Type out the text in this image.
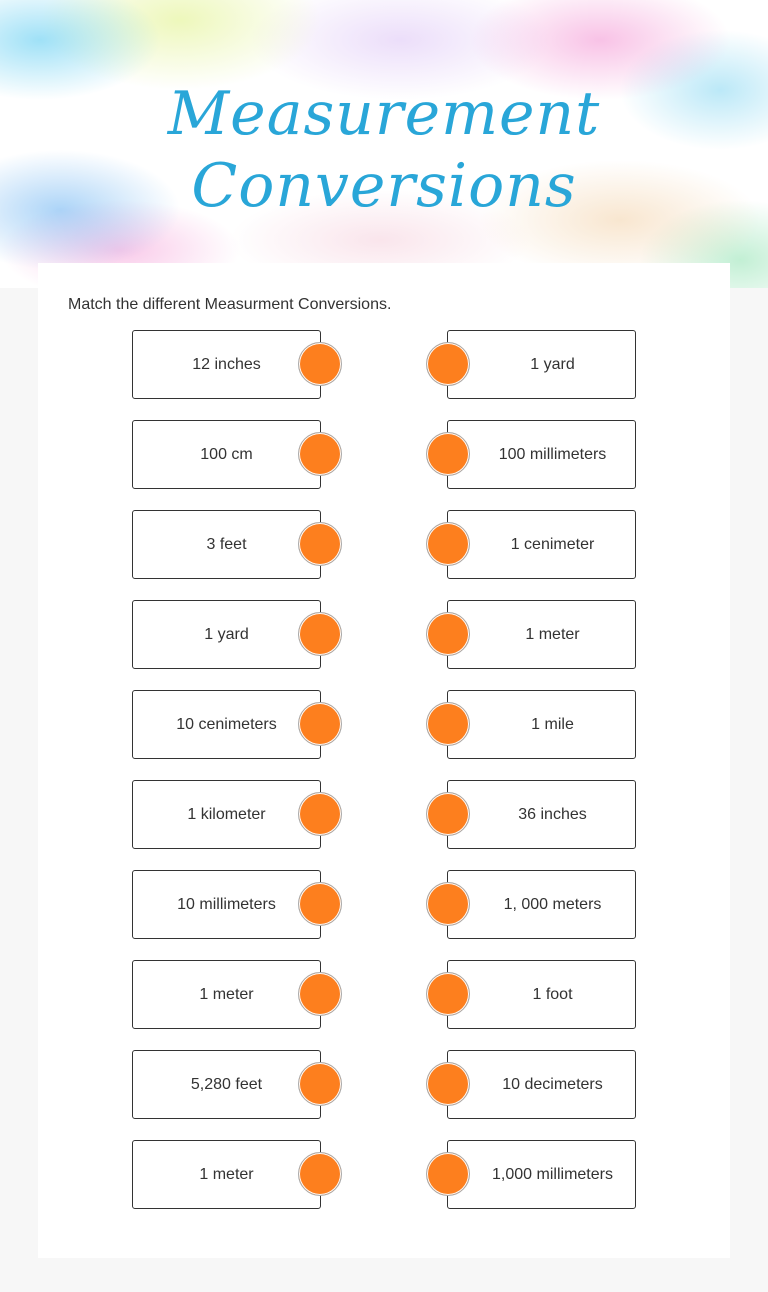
Measurement
Conversions
Match the different Measurment Conversions.
12 inches	1 yard
100 cm	100 millimeters
3 feet	1 cenimeter
1 yard	1 meter
10 cenimeters	1 mile
1 kilometer	36 inches
10 millimeters	1, 000 meters
1 meter	1 foot
5,280 feet	10 decimeters
1 meter	1,000 millimeters
